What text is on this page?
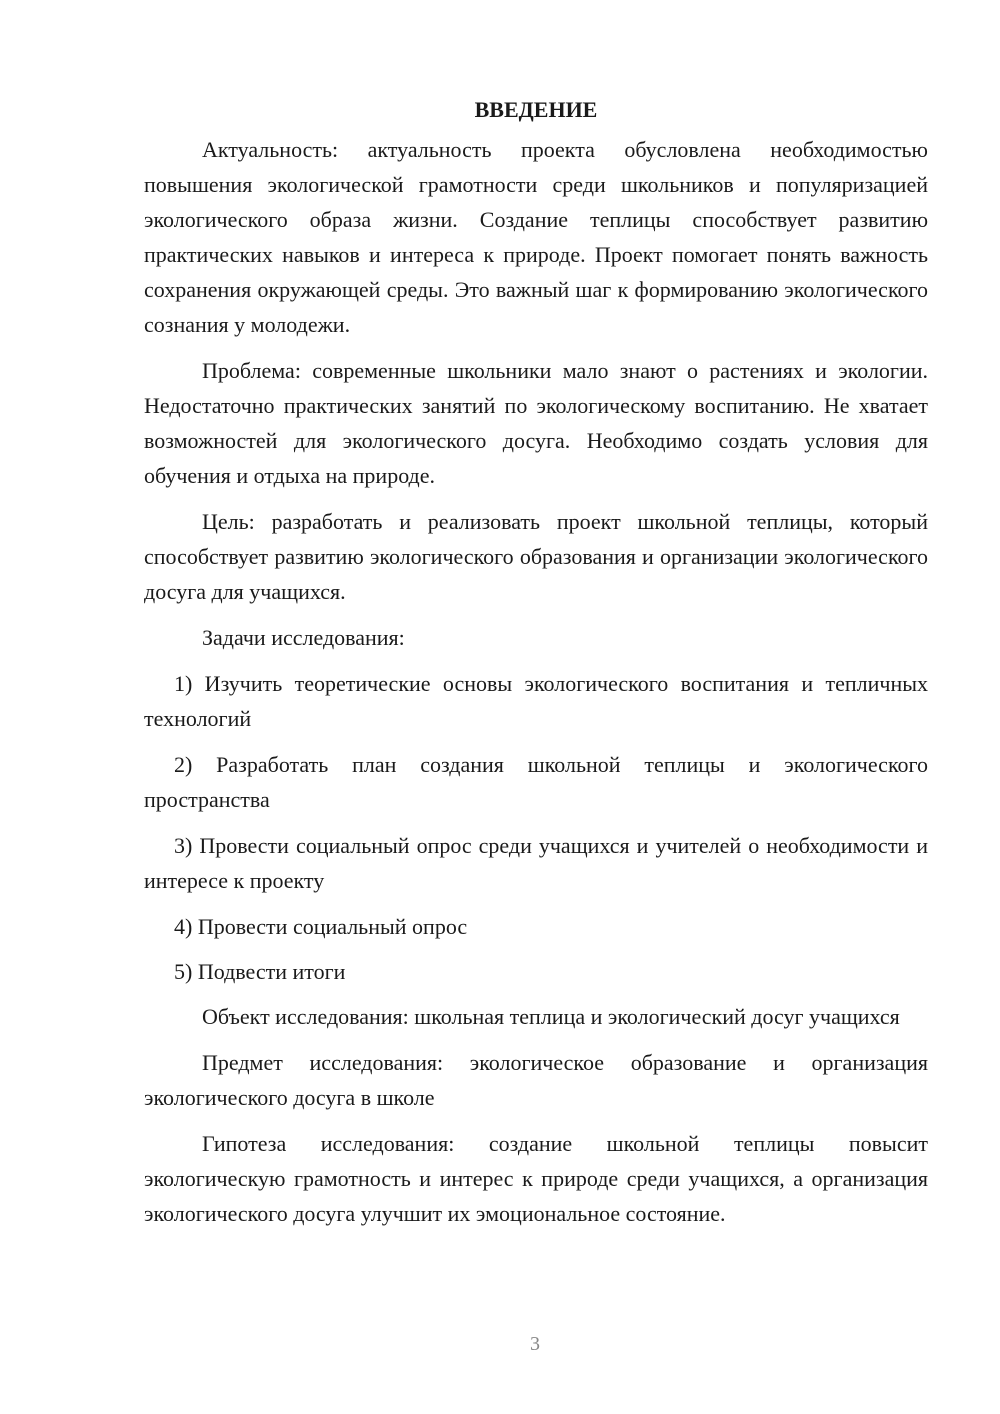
ВВЕДЕНИЕ

Актуальность: актуальность проекта обусловлена необходимостью повышения экологической грамотности среди школьников и популяризацией экологического образа жизни. Создание теплицы способствует развитию практических навыков и интереса к природе. Проект помогает понять важность сохранения окружающей среды. Это важный шаг к формированию экологического сознания у молодежи.

Проблема: современные школьники мало знают о растениях и экологии. Недостаточно практических занятий по экологическому воспитанию. Не хватает возможностей для экологического досуга. Необходимо создать условия для обучения и отдыха на природе.

Цель: разработать и реализовать проект школьной теплицы, который способствует развитию экологического образования и организации экологического досуга для учащихся.

Задачи исследования:

1) Изучить теоретические основы экологического воспитания и тепличных технологий

2) Разработать план создания школьной теплицы и экологического пространства

3) Провести социальный опрос среди учащихся и учителей о необходимости и интересе к проекту

4) Провести социальный опрос

5) Подвести итоги

Объект исследования: школьная теплица и экологический досуг учащихся

Предмет исследования: экологическое образование и организация экологического досуга в школе

Гипотеза исследования: создание школьной теплицы повысит экологическую грамотность и интерес к природе среди учащихся, а организация экологического досуга улучшит их эмоциональное состояние.

3
